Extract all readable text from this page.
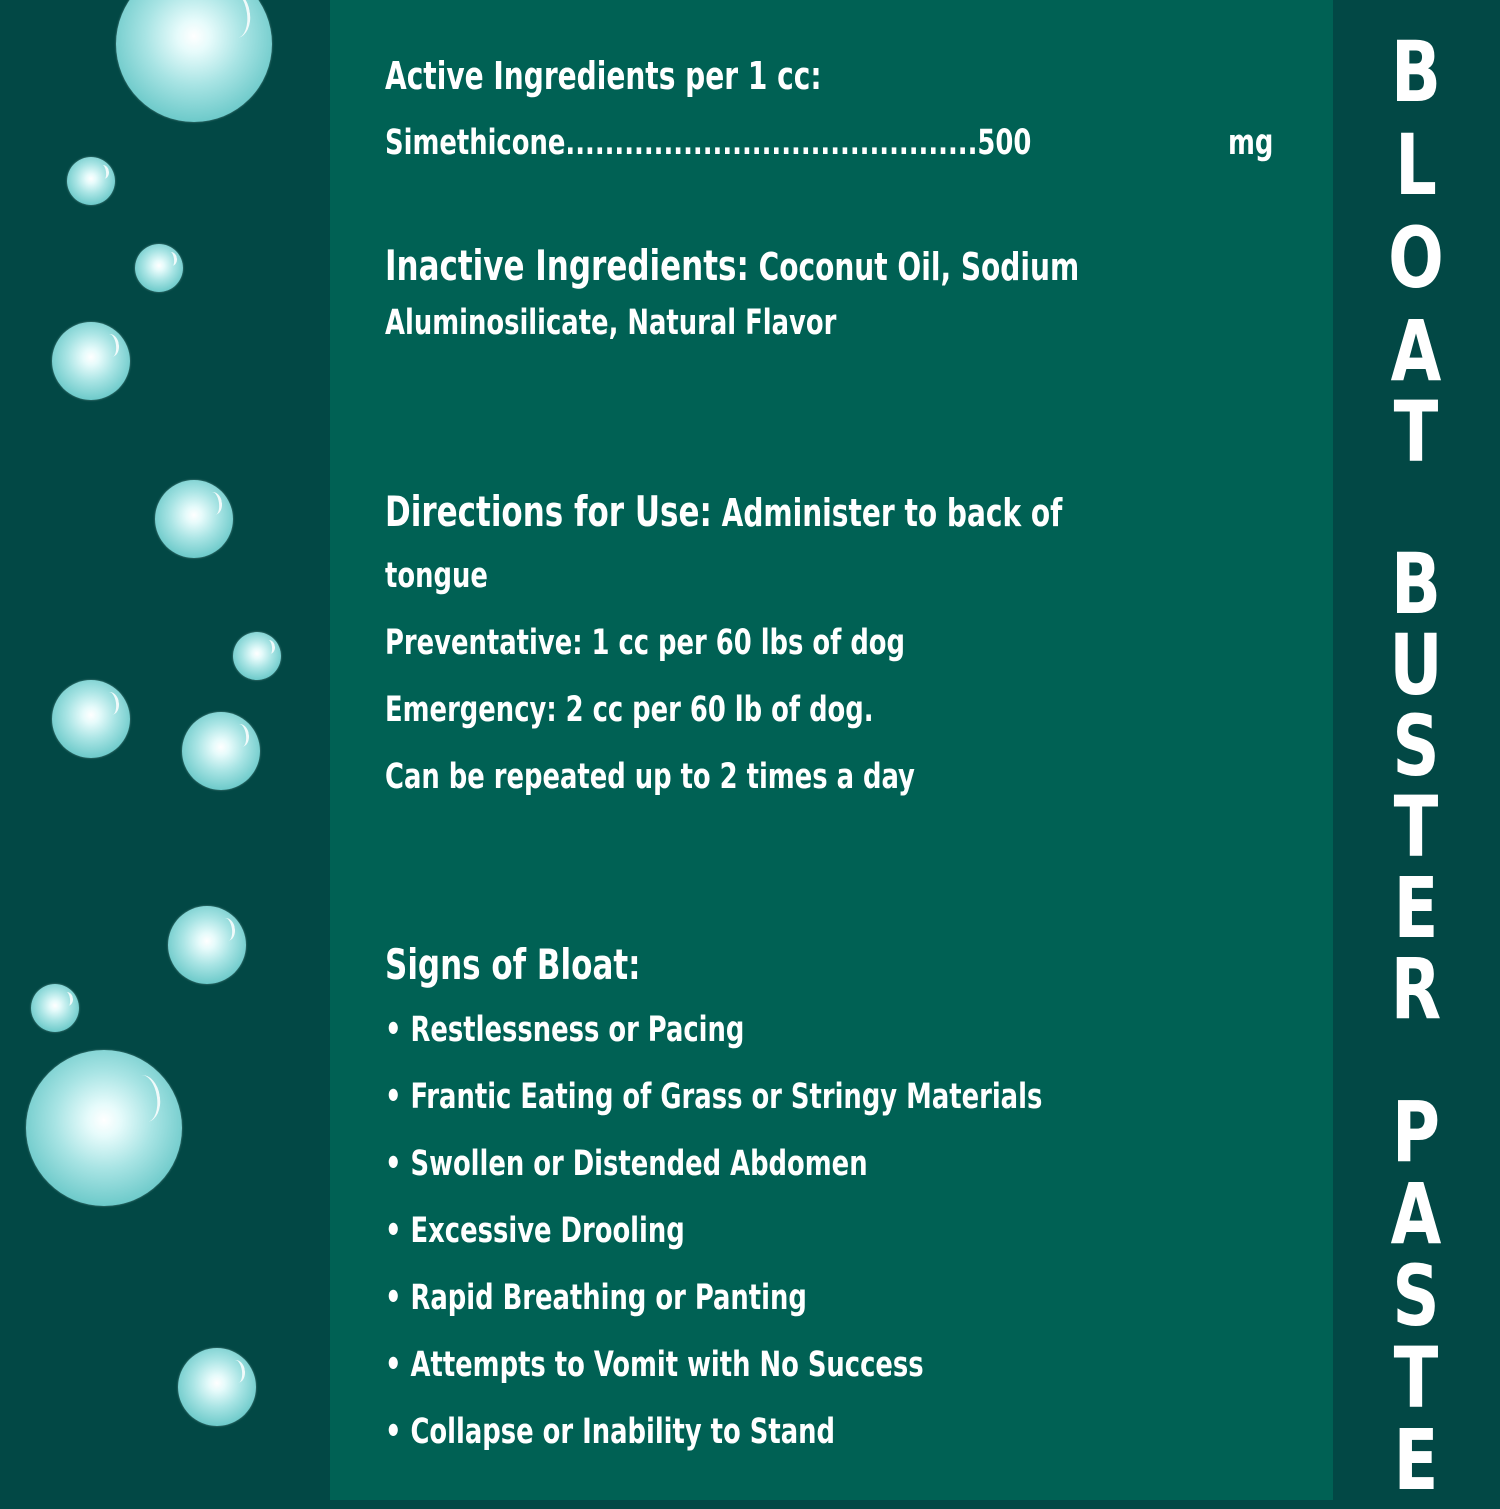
Active Ingredients per 1 cc:
Simethicone..........................................500	mg
Inactive Ingredients: Coconut Oil, Sodium
Aluminosilicate, Natural Flavor
Directions for Use: Administer to back of
tongue
Preventative: 1 cc per 60 lbs of dog
Emergency: 2 cc per 60 lb of dog.
Can be repeated up to 2 times a day
Signs of Bloat:
• Restlessness or Pacing
• Frantic Eating of Grass or Stringy Materials
• Swollen or Distended Abdomen
• Excessive Drooling
• Rapid Breathing or Panting
• Attempts to Vomit with No Success
• Collapse or Inability to Stand
B
L
O
A
T
B
U
S
T
E
R
P
A
S
T
E
